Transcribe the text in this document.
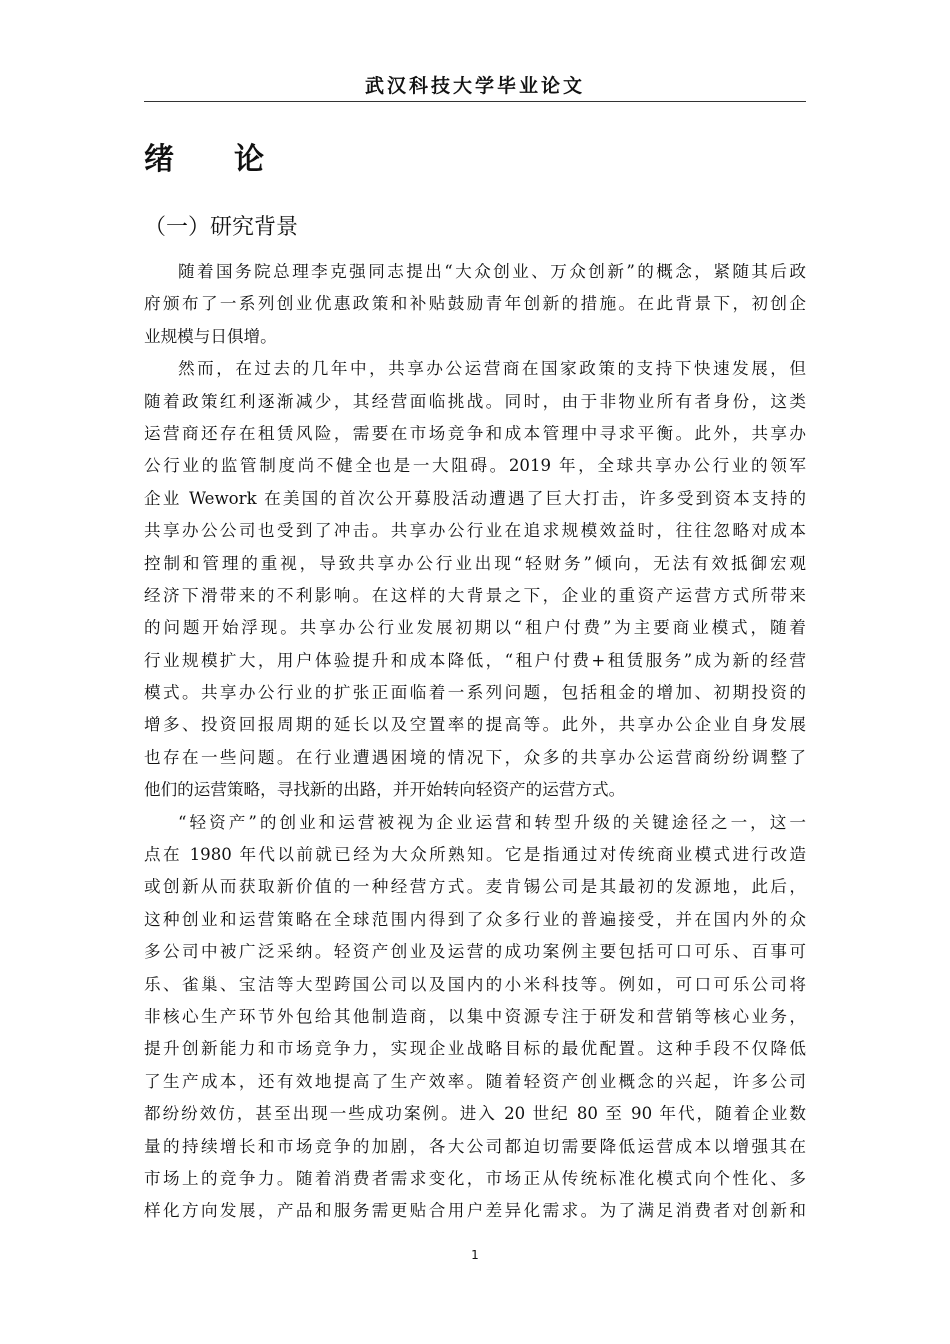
武汉科技大学毕业论文
绪　　论
（一）研究背景
随着国务院总理李克强同志提出“大众创业、万众创新”的概念，紧随其后政
府颁布了一系列创业优惠政策和补贴鼓励青年创新的措施。在此背景下，初创企
业规模与日俱增。
然而，在过去的几年中，共享办公运营商在国家政策的支持下快速发展，但
随着政策红利逐渐减少，其经营面临挑战。同时，由于非物业所有者身份，这类
运营商还存在租赁风险，需要在市场竞争和成本管理中寻求平衡。此外，共享办
公行业的监管制度尚不健全也是一大阻碍。2019 年，全球共享办公行业的领军
企业 Wework 在美国的首次公开募股活动遭遇了巨大打击，许多受到资本支持的
共享办公公司也受到了冲击。共享办公行业在追求规模效益时，往往忽略对成本
控制和管理的重视，导致共享办公行业出现“轻财务”倾向，无法有效抵御宏观
经济下滑带来的不利影响。在这样的大背景之下，企业的重资产运营方式所带来
的问题开始浮现。共享办公行业发展初期以“租户付费”为主要商业模式，随着
行业规模扩大，用户体验提升和成本降低，“租户付费+租赁服务”成为新的经营
模式。共享办公行业的扩张正面临着一系列问题，包括租金的增加、初期投资的
增多、投资回报周期的延长以及空置率的提高等。此外，共享办公企业自身发展
也存在一些问题。在行业遭遇困境的情况下，众多的共享办公运营商纷纷调整了
他们的运营策略，寻找新的出路，并开始转向轻资产的运营方式。
“轻资产”的创业和运营被视为企业运营和转型升级的关键途径之一，这一
点在 1980 年代以前就已经为大众所熟知。它是指通过对传统商业模式进行改造
或创新从而获取新价值的一种经营方式。麦肯锡公司是其最初的发源地，此后，
这种创业和运营策略在全球范围内得到了众多行业的普遍接受，并在国内外的众
多公司中被广泛采纳。轻资产创业及运营的成功案例主要包括可口可乐、百事可
乐、雀巢、宝洁等大型跨国公司以及国内的小米科技等。例如，可口可乐公司将
非核心生产环节外包给其他制造商，以集中资源专注于研发和营销等核心业务，
提升创新能力和市场竞争力，实现企业战略目标的最优配置。这种手段不仅降低
了生产成本，还有效地提高了生产效率。随着轻资产创业概念的兴起，许多公司
都纷纷效仿，甚至出现一些成功案例。进入 20 世纪 80 至 90 年代，随着企业数
量的持续增长和市场竞争的加剧，各大公司都迫切需要降低运营成本以增强其在
市场上的竞争力。随着消费者需求变化，市场正从传统标准化模式向个性化、多
样化方向发展，产品和服务需更贴合用户差异化需求。为了满足消费者对创新和
1
